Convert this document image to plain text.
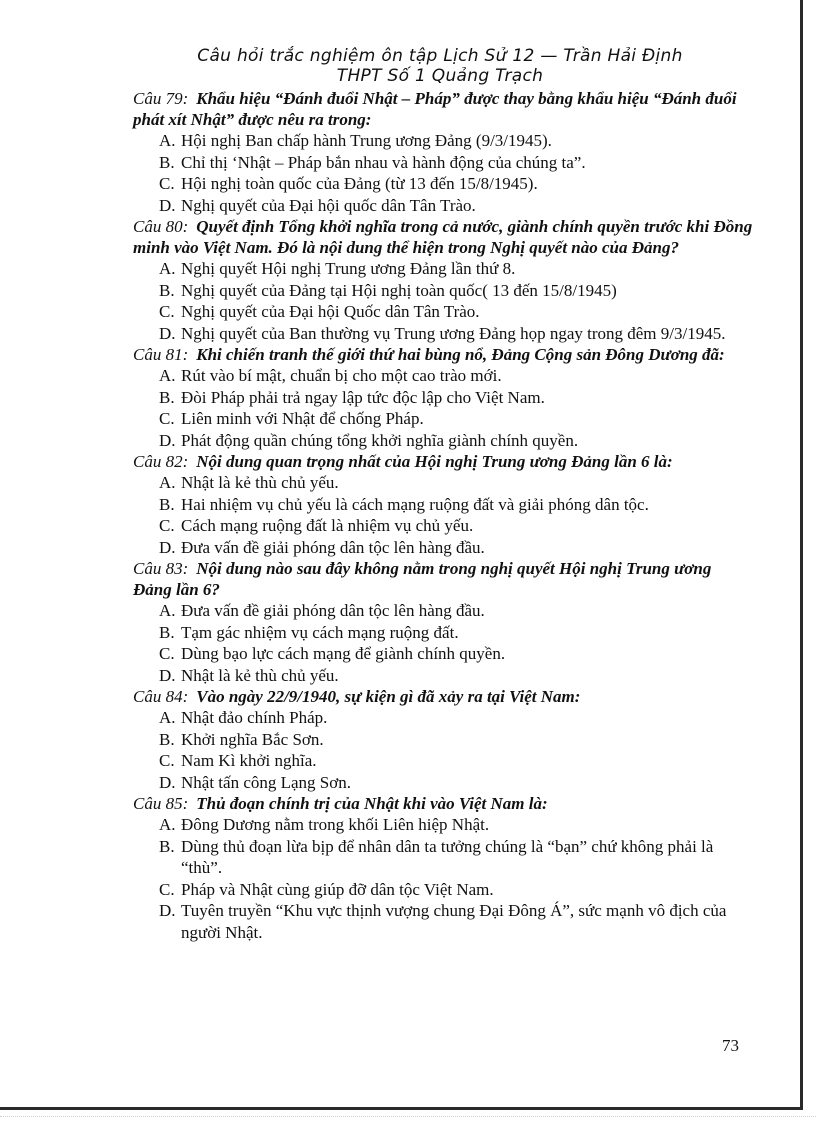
Câu hỏi trắc nghiệm ôn tập Lịch Sử 12 — Trần Hải Định
THPT Số 1 Quảng Trạch
Câu 79: Khẩu hiệu “Đánh đuổi Nhật – Pháp” được thay bằng khẩu hiệu “Đánh đuổi phát xít Nhật” được nêu ra trong:
A. Hội nghị Ban chấp hành Trung ương Đảng (9/3/1945).
B. Chỉ thị ‘Nhật – Pháp bắn nhau và hành động của chúng ta”.
C. Hội nghị toàn quốc của Đảng (từ 13 đến 15/8/1945).
D. Nghị quyết của Đại hội quốc dân Tân Trào.
Câu 80: Quyết định Tổng khởi nghĩa trong cả nước, giành chính quyền trước khi Đồng minh vào Việt Nam. Đó là nội dung thể hiện trong Nghị quyết nào của Đảng?
A. Nghị quyết Hội nghị Trung ương Đảng lần thứ 8.
B. Nghị quyết của Đảng tại Hội nghị toàn quốc( 13 đến 15/8/1945)
C. Nghị quyết của Đại hội Quốc dân Tân Trào.
D. Nghị quyết của Ban thường vụ Trung ương Đảng họp ngay trong đêm 9/3/1945.
Câu 81: Khi chiến tranh thế giới thứ hai bùng nổ, Đảng Cộng sản Đông Dương đã:
A. Rút vào bí mật, chuẩn bị cho một cao trào mới.
B. Đòi Pháp phải trả ngay lập tức độc lập cho Việt Nam.
C. Liên minh với Nhật để chống Pháp.
D. Phát động quần chúng tổng khởi nghĩa giành chính quyền.
Câu 82: Nội dung quan trọng nhất của Hội nghị Trung ương Đảng lần 6 là:
A. Nhật là kẻ thù chủ yếu.
B. Hai nhiệm vụ chủ yếu là cách mạng ruộng đất và giải phóng dân tộc.
C. Cách mạng ruộng đất là nhiệm vụ chủ yếu.
D. Đưa vấn đề giải phóng dân tộc lên hàng đầu.
Câu 83: Nội dung nào sau đây không nằm trong nghị quyết Hội nghị Trung ương Đảng lần 6?
A. Đưa vấn đề giải phóng dân tộc lên hàng đầu.
B. Tạm gác nhiệm vụ cách mạng ruộng đất.
C. Dùng bạo lực cách mạng để giành chính quyền.
D. Nhật là kẻ thù chủ yếu.
Câu 84: Vào ngày 22/9/1940, sự kiện gì đã xảy ra tại Việt Nam:
A. Nhật đảo chính Pháp.
B. Khởi nghĩa Bắc Sơn.
C. Nam Kì khởi nghĩa.
D. Nhật tấn công Lạng Sơn.
Câu 85: Thủ đoạn chính trị của Nhật khi vào Việt Nam là:
A. Đông Dương nằm trong khối Liên hiệp Nhật.
B. Dùng thủ đoạn lừa bịp để nhân dân ta tưởng chúng là “bạn” chứ không phải là “thù”.
C. Pháp và Nhật cùng giúp đỡ dân tộc Việt Nam.
D. Tuyên truyền “Khu vực thịnh vượng chung Đại Đông Á”, sức mạnh vô địch của người Nhật.
73
